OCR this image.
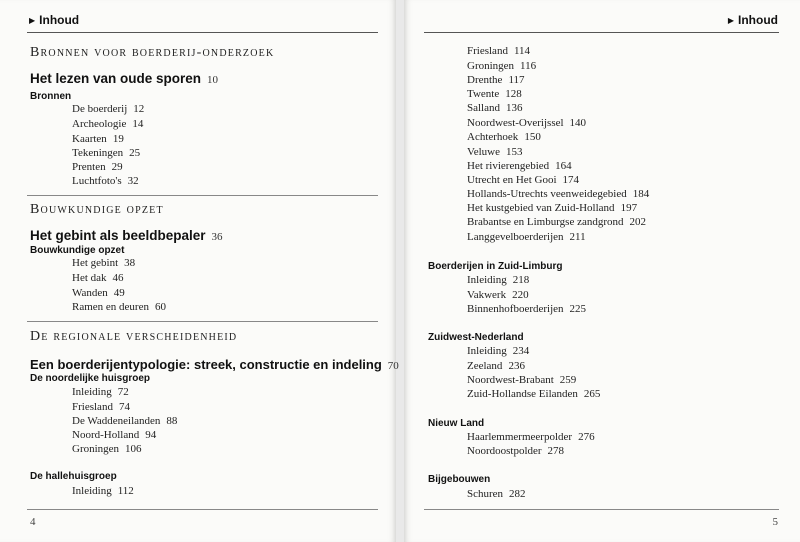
▶ Inhoud
Bronnen voor boerderij-onderzoek
Het lezen van oude sporen 10
Bronnen
De boerderij 12
Archeologie 14
Kaarten 19
Tekeningen 25
Prenten 29
Luchtfoto's 32
Bouwkundige opzet
Het gebint als beeldbepaler 36
Bouwkundige opzet
Het gebint 38
Het dak 46
Wanden 49
Ramen en deuren 60
De regionale verscheidenheid
Een boerderijentypologie: streek, constructie en indeling 70
De noordelijke huisgroep
Inleiding 72
Friesland 74
De Waddeneilanden 88
Noord-Holland 94
Groningen 106
De hallehuisgroep
Inleiding 112
4
▶ Inhoud
Friesland 114
Groningen 116
Drenthe 117
Twente 128
Salland 136
Noordwest-Overijssel 140
Achterhoek 150
Veluwe 153
Het rivierengebied 164
Utrecht en Het Gooi 174
Hollands-Utrechts veenweidegebied 184
Het kustgebied van Zuid-Holland 197
Brabantse en Limburgse zandgrond 202
Langgevelboerderijen 211
Boerderijen in Zuid-Limburg
Inleiding 218
Vakwerk 220
Binnenhofboerderijen 225
Zuidwest-Nederland
Inleiding 234
Zeeland 236
Noordwest-Brabant 259
Zuid-Hollandse Eilanden 265
Nieuw Land
Haarlemmermeerpolder 276
Noordoostpolder 278
Bijgebouwen
Schuren 282
5
